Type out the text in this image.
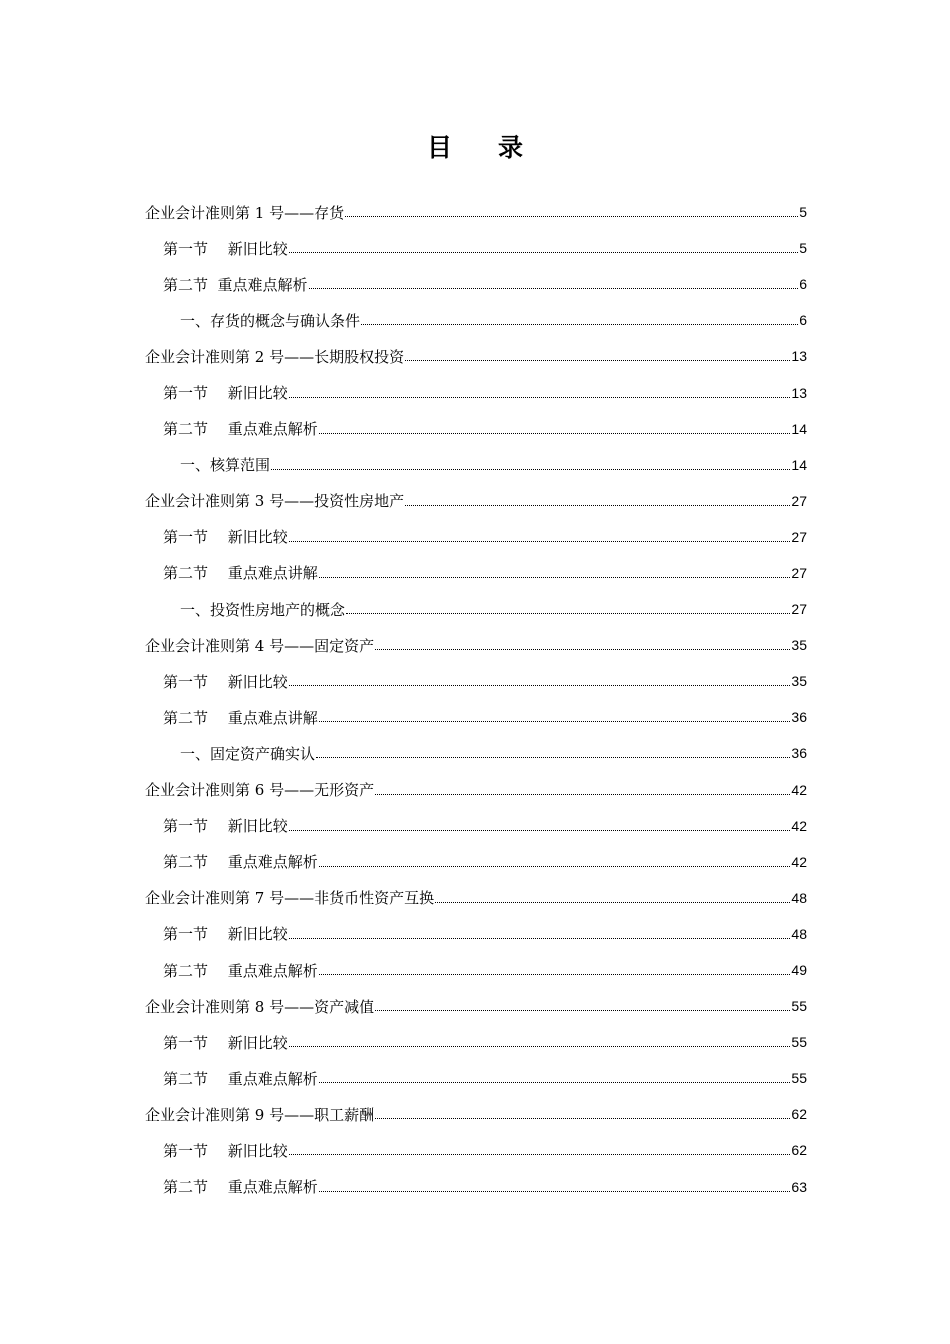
目 录
企业会计准则第 1 号——存货	5
第一节　 新旧比较	5
第二节  重点难点解析	6
一、存货的概念与确认条件	6
企业会计准则第 2 号——长期股权投资	13
第一节　 新旧比较	13
第二节　 重点难点解析	14
一、核算范围	14
企业会计准则第 3 号——投资性房地产	27
第一节　 新旧比较	27
第二节　 重点难点讲解	27
一、投资性房地产的概念	27
企业会计准则第 4 号——固定资产	35
第一节　 新旧比较	35
第二节　 重点难点讲解	36
一、固定资产确实认	36
企业会计准则第 6 号——无形资产	42
第一节　 新旧比较	42
第二节　 重点难点解析	42
企业会计准则第 7 号——非货币性资产互换	48
第一节　 新旧比较	48
第二节　 重点难点解析	49
企业会计准则第 8 号——资产减值	55
第一节　 新旧比较	55
第二节　 重点难点解析	55
企业会计准则第 9 号——职工薪酬	62
第一节　 新旧比较	62
第二节　 重点难点解析	63
